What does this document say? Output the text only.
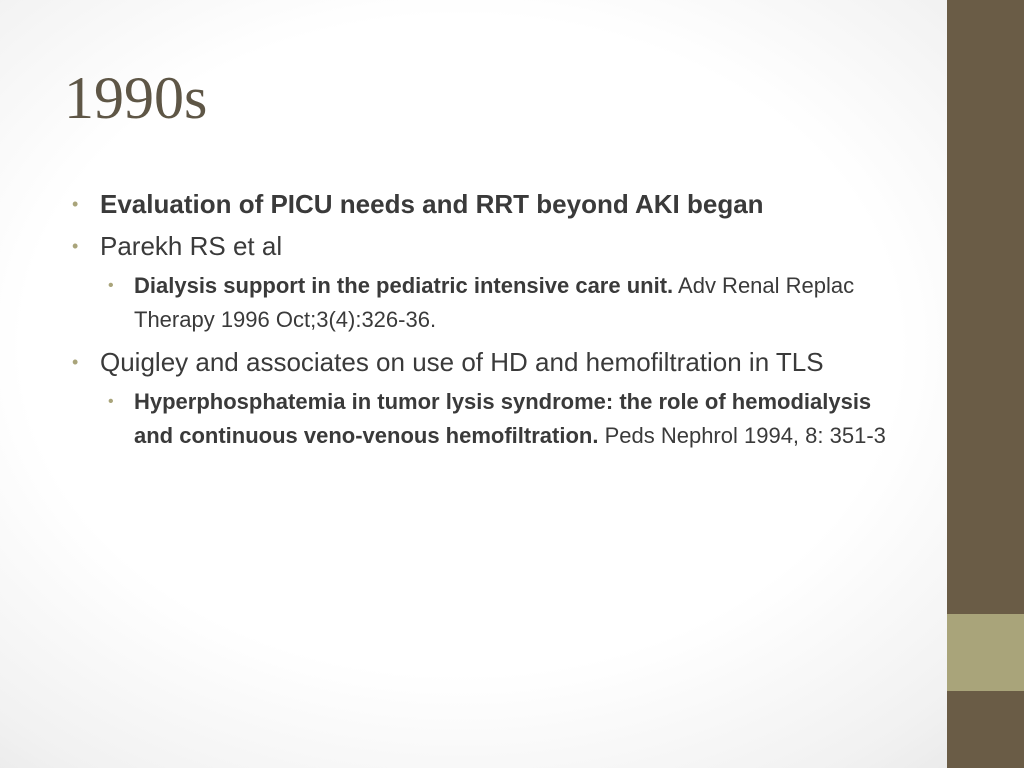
1990s

• Evaluation of PICU needs and RRT beyond AKI began

• Parekh RS et al

• Dialysis support in the pediatric intensive care unit. Adv Renal Replac Therapy 1996 Oct;3(4):326-36.

• Quigley and associates on use of HD and hemofiltration in TLS

• Hyperphosphatemia in tumor lysis syndrome: the role of hemodialysis and continuous veno-venous hemofiltration. Peds Nephrol 1994, 8: 351-3
